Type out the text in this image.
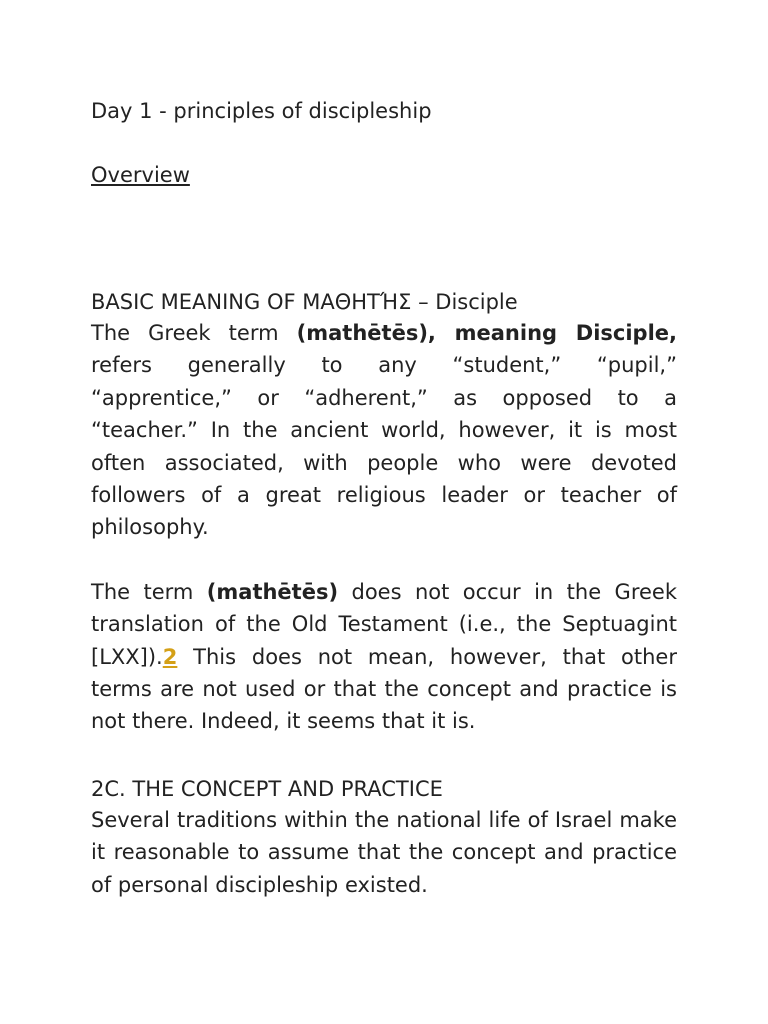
Day 1 - principles of discipleship
Overview
BASIC MEANING OF ΜΑΘΗΤΉΣ – Disciple

The Greek term (mathētēs), meaning Disciple, refers generally to any “student,” “pupil,” “apprentice,” or “adherent,” as opposed to a “teacher.” In the ancient world, however, it is most often associated, with people who were devoted followers of a great religious leader or teacher of philosophy.

The term (mathētēs) does not occur in the Greek translation of the Old Testament (i.e., the Septuagint [LXX]).2 This does not mean, however, that other terms are not used or that the concept and practice is not there. Indeed, it seems that it is.

2C. THE CONCEPT AND PRACTICE

Several traditions within the national life of Israel make it reasonable to assume that the concept and practice of personal discipleship existed.
